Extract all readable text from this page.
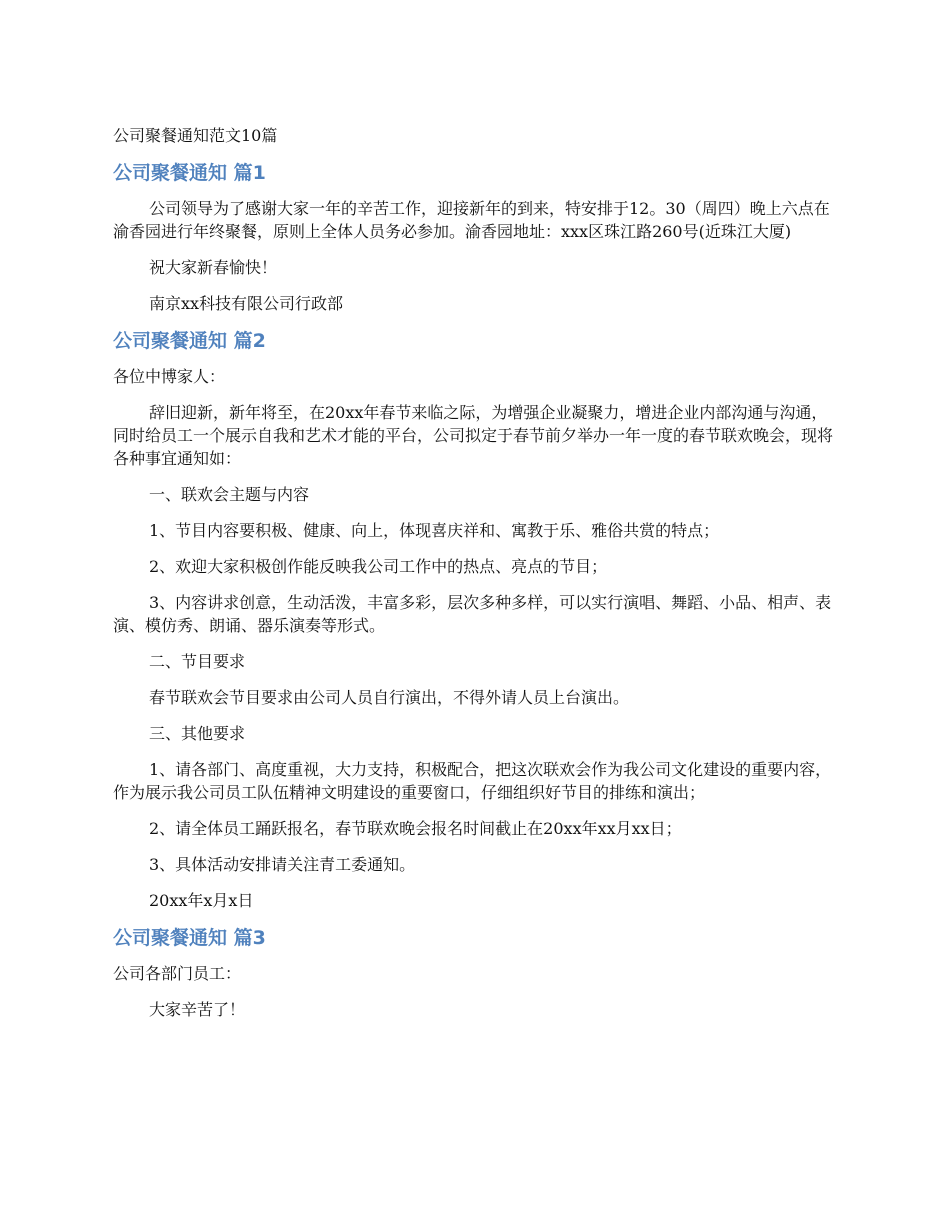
公司聚餐通知范文10篇

公司聚餐通知 篇1

公司领导为了感谢大家一年的辛苦工作，迎接新年的到来，特安排于12。30（周四）晚上六点在渝香园进行年终聚餐，原则上全体人员务必参加。渝香园地址：xxx区珠江路260号(近珠江大厦)

祝大家新春愉快！

南京xx科技有限公司行政部

公司聚餐通知 篇2

各位中博家人：

辞旧迎新，新年将至，在20xx年春节来临之际，为增强企业凝聚力，增进企业内部沟通与沟通，同时给员工一个展示自我和艺术才能的平台，公司拟定于春节前夕举办一年一度的春节联欢晚会，现将各种事宜通知如：

一、联欢会主题与内容

1、节目内容要积极、健康、向上，体现喜庆祥和、寓教于乐、雅俗共赏的特点；

2、欢迎大家积极创作能反映我公司工作中的热点、亮点的节目；

3、内容讲求创意，生动活泼，丰富多彩，层次多种多样，可以实行演唱、舞蹈、小品、相声、表演、模仿秀、朗诵、器乐演奏等形式。

二、节目要求

春节联欢会节目要求由公司人员自行演出，不得外请人员上台演出。

三、其他要求

1、请各部门、高度重视，大力支持，积极配合，把这次联欢会作为我公司文化建设的重要内容，作为展示我公司员工队伍精神文明建设的重要窗口，仔细组织好节目的排练和演出；

2、请全体员工踊跃报名，春节联欢晚会报名时间截止在20xx年xx月xx日；

3、具体活动安排请关注青工委通知。

20xx年x月x日

公司聚餐通知 篇3

公司各部门员工：

大家辛苦了！
